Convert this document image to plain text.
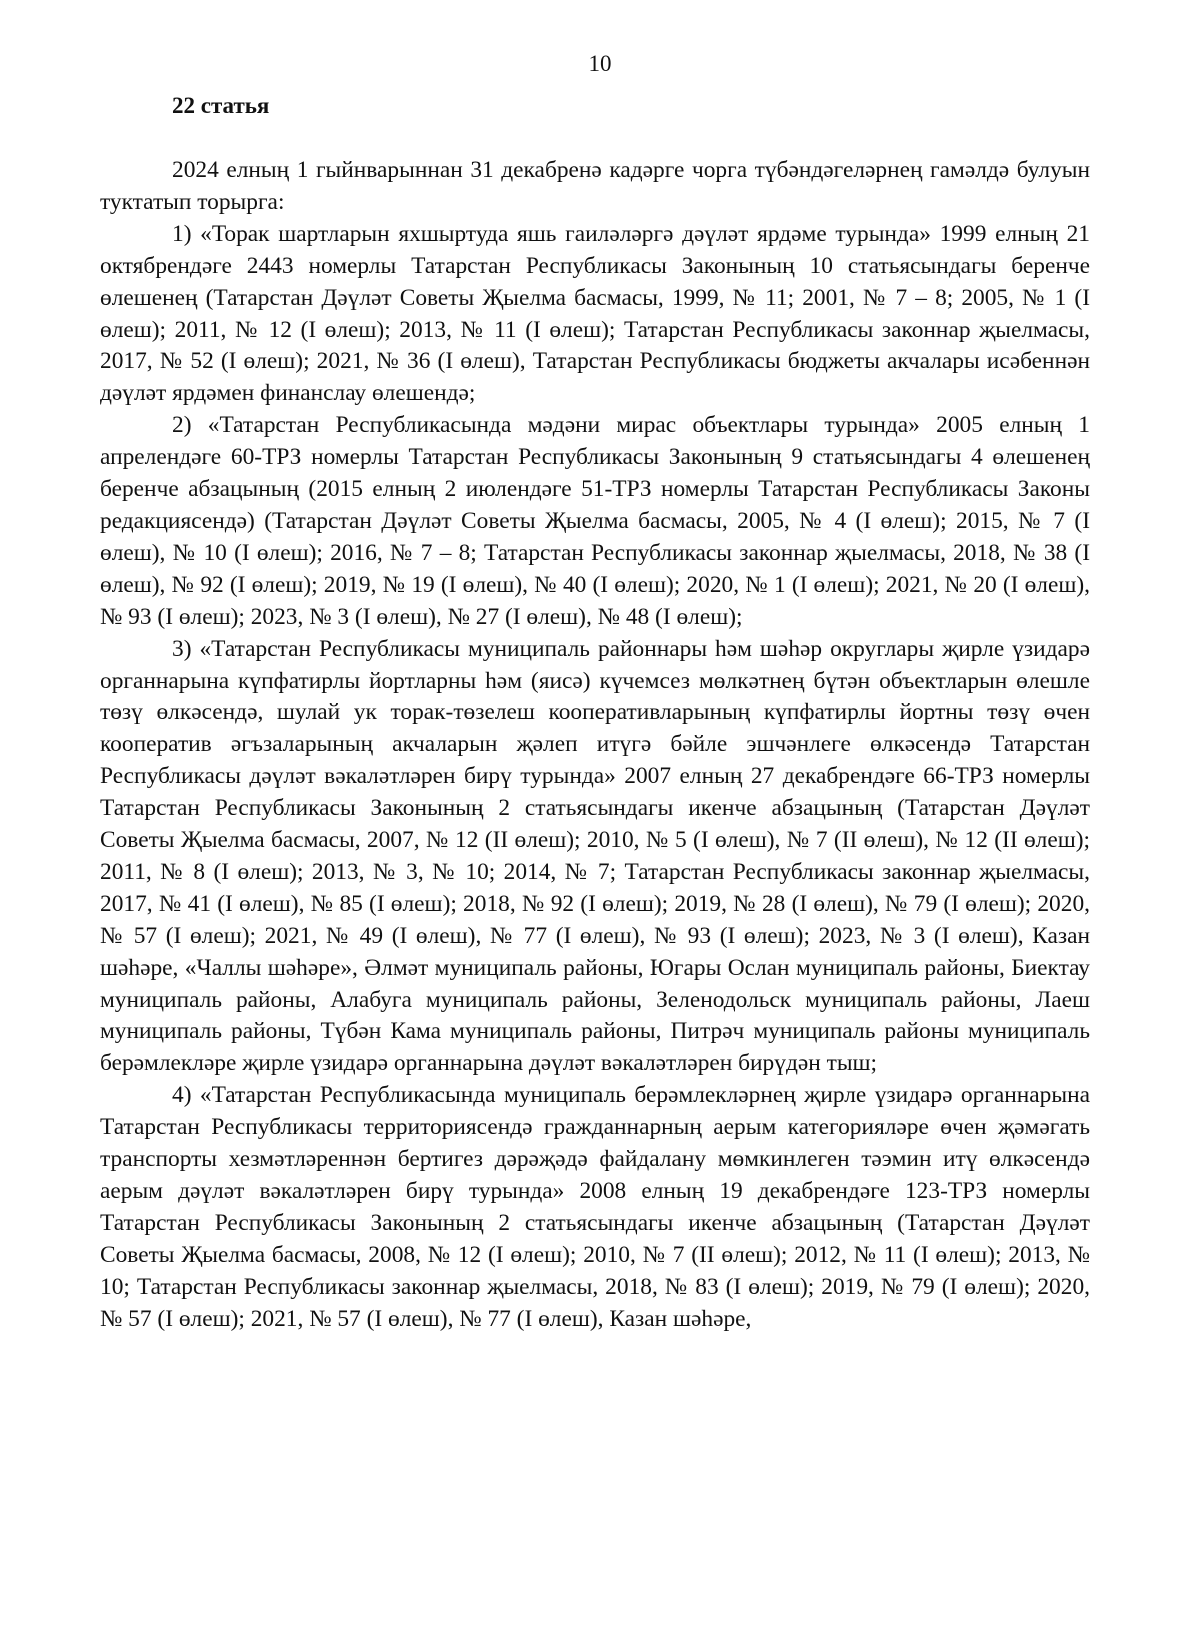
10
22 статья

2024 елның 1 гыйнварыннан 31 декабренә кадәрге чорга түбәндәгеләрнең гамәлдә булуын туктатып торырга:

1) «Торак шартларын яхшыртуда яшь гаиләләргә дәүләт ярдәме турында» 1999 елның 21 октябрендәге 2443 номерлы Татарстан Республикасы Законының 10 статьясындагы беренче өлешенең (Татарстан Дәүләт Советы Җыелма басмасы, 1999, № 11; 2001, № 7 – 8; 2005, № 1 (I өлеш); 2011, № 12 (I өлеш); 2013, № 11 (I өлеш); Татарстан Республикасы законнар җыелмасы, 2017, № 52 (I өлеш); 2021, № 36 (I өлеш), Татарстан Республикасы бюджеты акчалары исәбеннән дәүләт ярдәмен финанслау өлешендә;

2) «Татарстан Республикасында мәдәни мирас объектлары турында» 2005 елның 1 апрелендәге 60-ТРЗ номерлы Татарстан Республикасы Законының 9 статьясындагы 4 өлешенең беренче абзацының (2015 елның 2 июлендәге 51-ТРЗ номерлы Татарстан Республикасы Законы редакциясендә) (Татарстан Дәүләт Советы Җыелма басмасы, 2005, № 4 (I өлеш); 2015, № 7 (I өлеш), № 10 (I өлеш); 2016, № 7 – 8; Татарстан Республикасы законнар җыелмасы, 2018, № 38 (I өлеш), № 92 (I өлеш); 2019, № 19 (I өлеш), № 40 (I өлеш); 2020, № 1 (I өлеш); 2021, № 20 (I өлеш), № 93 (I өлеш); 2023, № 3 (I өлеш), № 27 (I өлеш), № 48 (I өлеш);

3) «Татарстан Республикасы муниципаль районнары һәм шәһәр округлары җирле үзидарә органнарына күпфатирлы йортларны һәм (яисә) күчемсез мөлкәтнең бүтән объектларын өлешле төзү өлкәсендә, шулай ук торак-төзелеш кооперативларының күпфатирлы йортны төзү өчен кооператив әгъзаларының акчаларын җәлеп итүгә бәйле эшчәнлеге өлкәсендә Татарстан Республикасы дәүләт вәкаләтләрен бирү турында» 2007 елның 27 декабрендәге 66-ТРЗ номерлы Татарстан Республикасы Законының 2 статьясындагы икенче абзацының (Татарстан Дәүләт Советы Җыелма басмасы, 2007, № 12 (II өлеш); 2010, № 5 (I өлеш), № 7 (II өлеш), № 12 (II өлеш); 2011, № 8 (I өлеш); 2013, № 3, № 10; 2014, № 7; Татарстан Республикасы законнар җыелмасы, 2017, № 41 (I өлеш), № 85 (I өлеш); 2018, № 92 (I өлеш); 2019, № 28 (I өлеш), № 79 (I өлеш); 2020, № 57 (I өлеш); 2021, № 49 (I өлеш), № 77 (I өлеш), № 93 (I өлеш); 2023, № 3 (I өлеш), Казан шәһәре, «Чаллы шәһәре», Әлмәт муниципаль районы, Югары Ослан муниципаль районы, Биектау муниципаль районы, Алабуга муниципаль районы, Зеленодольск муниципаль районы, Лаеш муниципаль районы, Түбән Кама муниципаль районы, Питрәч муниципаль районы муниципаль берәмлекләре җирле үзидарә органнарына дәүләт вәкаләтләрен бирүдән тыш;

4) «Татарстан Республикасында муниципаль берәмлекләрнең җирле үзидарә органнарына Татарстан Республикасы территориясендә гражданнарның аерым категорияләре өчен җәмәгать транспорты хезмәтләреннән бертигез дәрәҗәдә файдалану мөмкинлеген тәэмин итү өлкәсендә аерым дәүләт вәкаләтләрен бирү турында» 2008 елның 19 декабрендәге 123-ТРЗ номерлы Татарстан Республикасы Законының 2 статьясындагы икенче абзацының (Татарстан Дәүләт Советы Җыелма басмасы, 2008, № 12 (I өлеш); 2010, № 7 (II өлеш); 2012, № 11 (I өлеш); 2013, № 10; Татарстан Республикасы законнар җыелмасы, 2018, № 83 (I өлеш); 2019, № 79 (I өлеш); 2020, № 57 (I өлеш); 2021, № 57 (I өлеш), № 77 (I өлеш), Казан шәһәре,
